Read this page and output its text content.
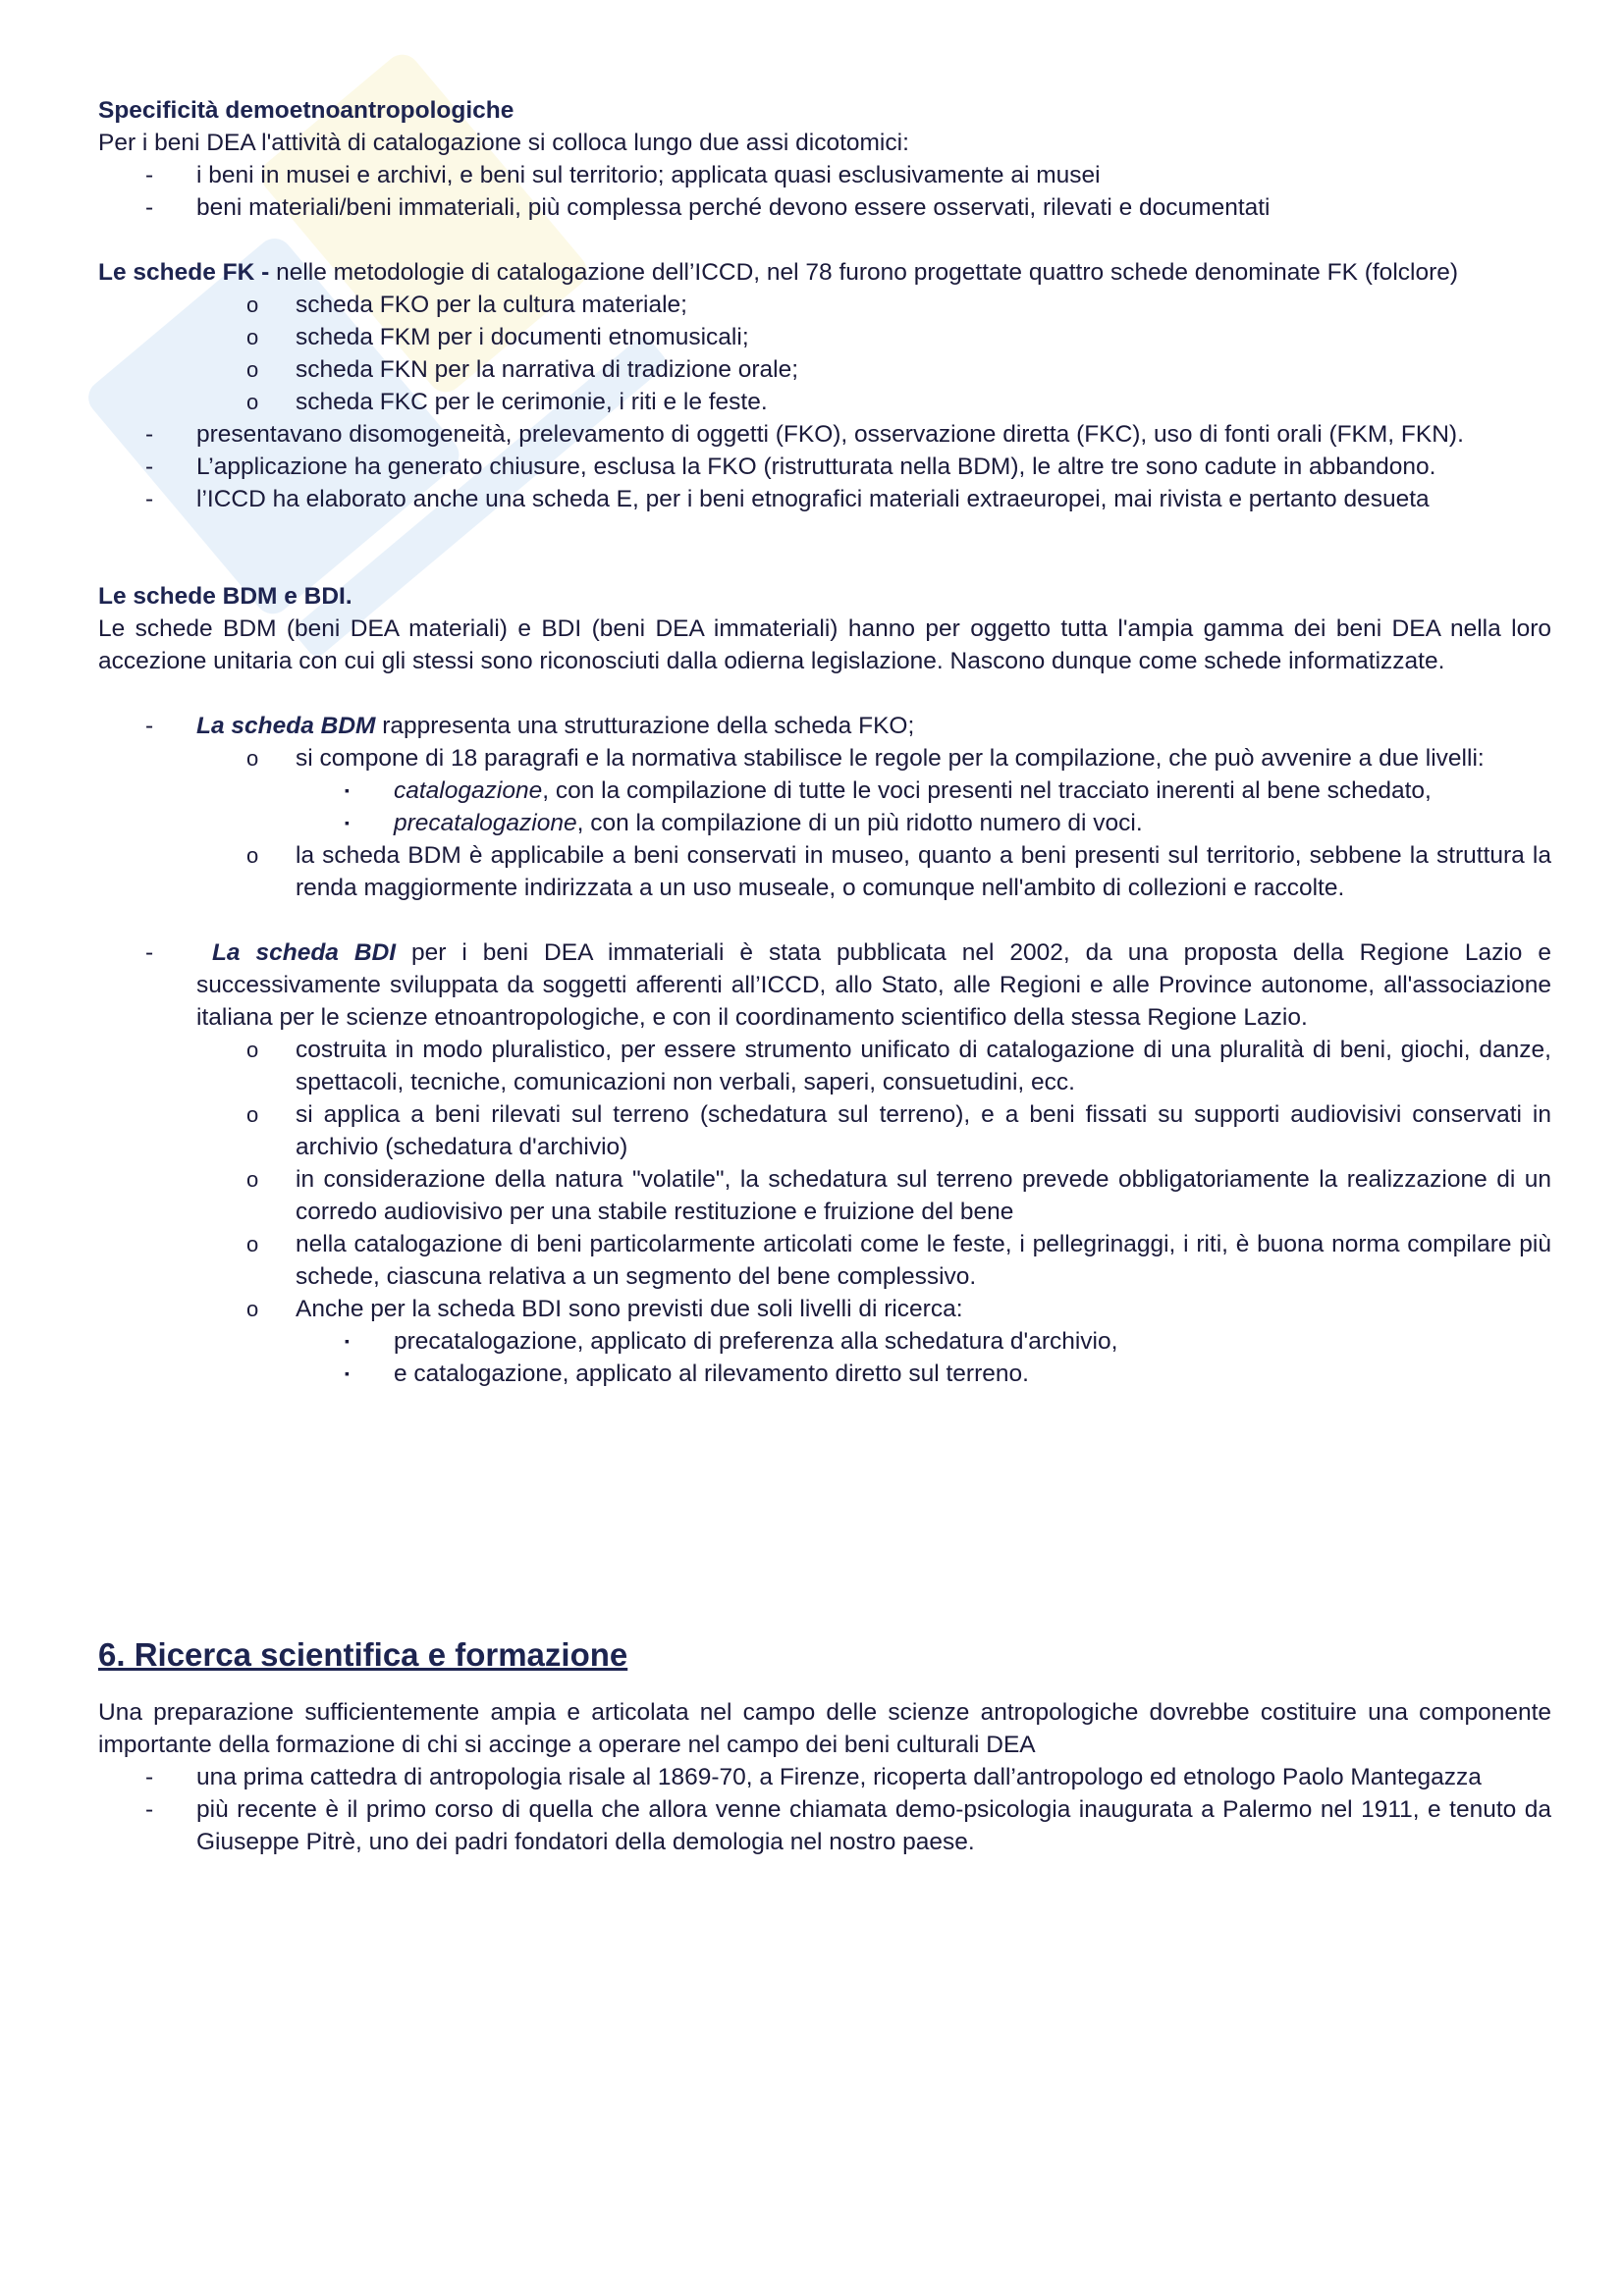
Specificità demoetnoantropologiche
Per i beni DEA l'attività di catalogazione si colloca lungo due assi dicotomici:
- i beni in musei e archivi, e beni sul territorio; applicata quasi esclusivamente ai musei
- beni materiali/beni immateriali, più complessa perché devono essere osservati, rilevati e documentati
Le schede FK - nelle metodologie di catalogazione dell’ICCD, nel 78 furono progettate quattro schede denominate FK (folclore)
o scheda FKO per la cultura materiale;
o scheda FKM per i documenti etnomusicali;
o scheda FKN per la narrativa di tradizione orale;
o scheda FKC per le cerimonie, i riti e le feste.
- presentavano disomogeneità, prelevamento di oggetti (FKO), osservazione diretta (FKC), uso di fonti orali (FKM, FKN).
- L’applicazione ha generato chiusure, esclusa la FKO (ristrutturata nella BDM), le altre tre sono cadute in abbandono.
- l’ICCD ha elaborato anche una scheda E, per i beni etnografici materiali extraeuropei, mai rivista e pertanto desueta
Le schede BDM e BDI.
Le schede BDM (beni DEA materiali) e BDI (beni DEA immateriali) hanno per oggetto tutta l'ampia gamma dei beni DEA nella loro accezione unitaria con cui gli stessi sono riconosciuti dalla odierna legislazione. Nascono dunque come schede informatizzate.
- La scheda BDM rappresenta una strutturazione della scheda FKO;
o si compone di 18 paragrafi e la normativa stabilisce le regole per la compilazione, che può avvenire a due livelli:
▪ catalogazione, con la compilazione di tutte le voci presenti nel tracciato inerenti al bene schedato,
▪ precatalogazione, con la compilazione di un più ridotto numero di voci.
o la scheda BDM è applicabile a beni conservati in museo, quanto a beni presenti sul territorio, sebbene la struttura la renda maggiormente indirizzata a un uso museale, o comunque nell'ambito di collezioni e raccolte.
- La scheda BDI per i beni DEA immateriali è stata pubblicata nel 2002, da una proposta della Regione Lazio e successivamente sviluppata da soggetti afferenti all’ICCD, allo Stato, alle Regioni e alle Province autonome, all'associazione italiana per le scienze etnoantropologiche, e con il coordinamento scientifico della stessa Regione Lazio.
o costruita in modo pluralistico, per essere strumento unificato di catalogazione di una pluralità di beni, giochi, danze, spettacoli, tecniche, comunicazioni non verbali, saperi, consuetudini, ecc.
o si applica a beni rilevati sul terreno (schedatura sul terreno), e a beni fissati su supporti audiovisivi conservati in archivio (schedatura d'archivio)
o in considerazione della natura "volatile", la schedatura sul terreno prevede obbligatoriamente la realizzazione di un corredo audiovisivo per una stabile restituzione e fruizione del bene
o nella catalogazione di beni particolarmente articolati come le feste, i pellegrinaggi, i riti, è buona norma compilare più schede, ciascuna relativa a un segmento del bene complessivo.
o Anche per la scheda BDI sono previsti due soli livelli di ricerca:
▪ precatalogazione, applicato di preferenza alla schedatura d'archivio,
▪ e catalogazione, applicato al rilevamento diretto sul terreno.
6. Ricerca scientifica e formazione
Una preparazione sufficientemente ampia e articolata nel campo delle scienze antropologiche dovrebbe costituire una componente importante della formazione di chi si accinge a operare nel campo dei beni culturali DEA
- una prima cattedra di antropologia risale al 1869-70, a Firenze, ricoperta dall’antropologo ed etnologo Paolo Mantegazza
- più recente è il primo corso di quella che allora venne chiamata demo-psicologia inaugurata a Palermo nel 1911, e tenuto da Giuseppe Pitrè, uno dei padri fondatori della demologia nel nostro paese.
